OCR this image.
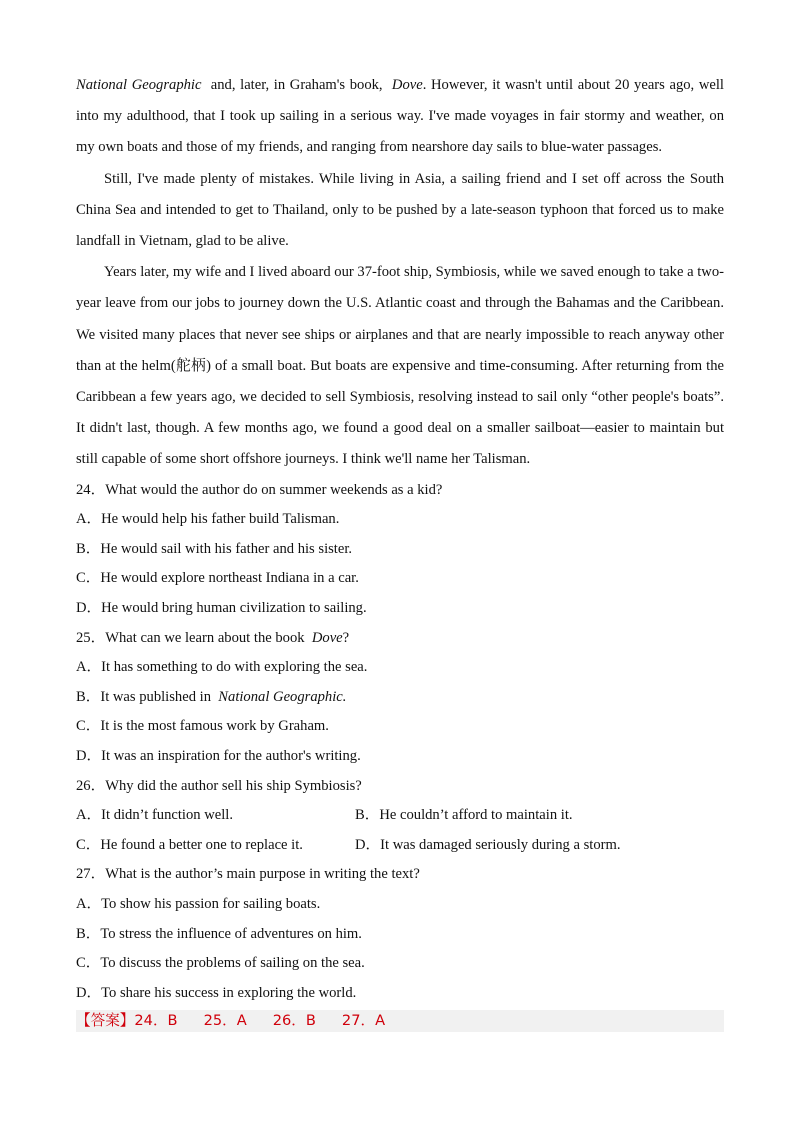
National Geographic  and, later, in Graham's book,  Dove. However, it wasn't until about 20 years ago, well into my adulthood, that I took up sailing in a serious way. I've made voyages in fair stormy and weather, on my own boats and those of my friends, and ranging from nearshore day sails to blue-water passages.

Still, I've made plenty of mistakes. While living in Asia, a sailing friend and I set off across the South China Sea and intended to get to Thailand, only to be pushed by a late-season typhoon that forced us to make landfall in Vietnam, glad to be alive.

Years later, my wife and I lived aboard our 37-foot ship, Symbiosis, while we saved enough to take a two-year leave from our jobs to journey down the U.S. Atlantic coast and through the Bahamas and the Caribbean. We visited many places that never see ships or airplanes and that are nearly impossible to reach anyway other than at the helm(舵柄) of a small boat. But boats are expensive and time-consuming. After returning from the Caribbean a few years ago, we decided to sell Symbiosis, resolving instead to sail only “other people's boats”. It didn't last, though. A few months ago, we found a good deal on a smaller sailboat—easier to maintain but still capable of some short offshore journeys. I think we'll name her Talisman.

24．What would the author do on summer weekends as a kid?

A．He would help his father build Talisman.

B．He would sail with his father and his sister.

C．He would explore northeast Indiana in a car.

D．He would bring human civilization to sailing.

25．What can we learn about the book  Dove?

A．It has something to do with exploring the sea.

B．It was published in  National Geographic.

C．It is the most famous work by Graham.

D．It was an inspiration for the author's writing.

26．Why did the author sell his ship Symbiosis?

A．It didn’t function well.	B．He couldn’t afford to maintain it.
C．He found a better one to replace it.	D．It was damaged seriously during a storm.

27．What is the author’s main purpose in writing the text?

A．To show his passion for sailing boats.

B．To stress the influence of adventures on him.

C．To discuss the problems of sailing on the sea.

D．To share his success in exploring the world.

【答案】24．B 25．A 26．B 27．A
